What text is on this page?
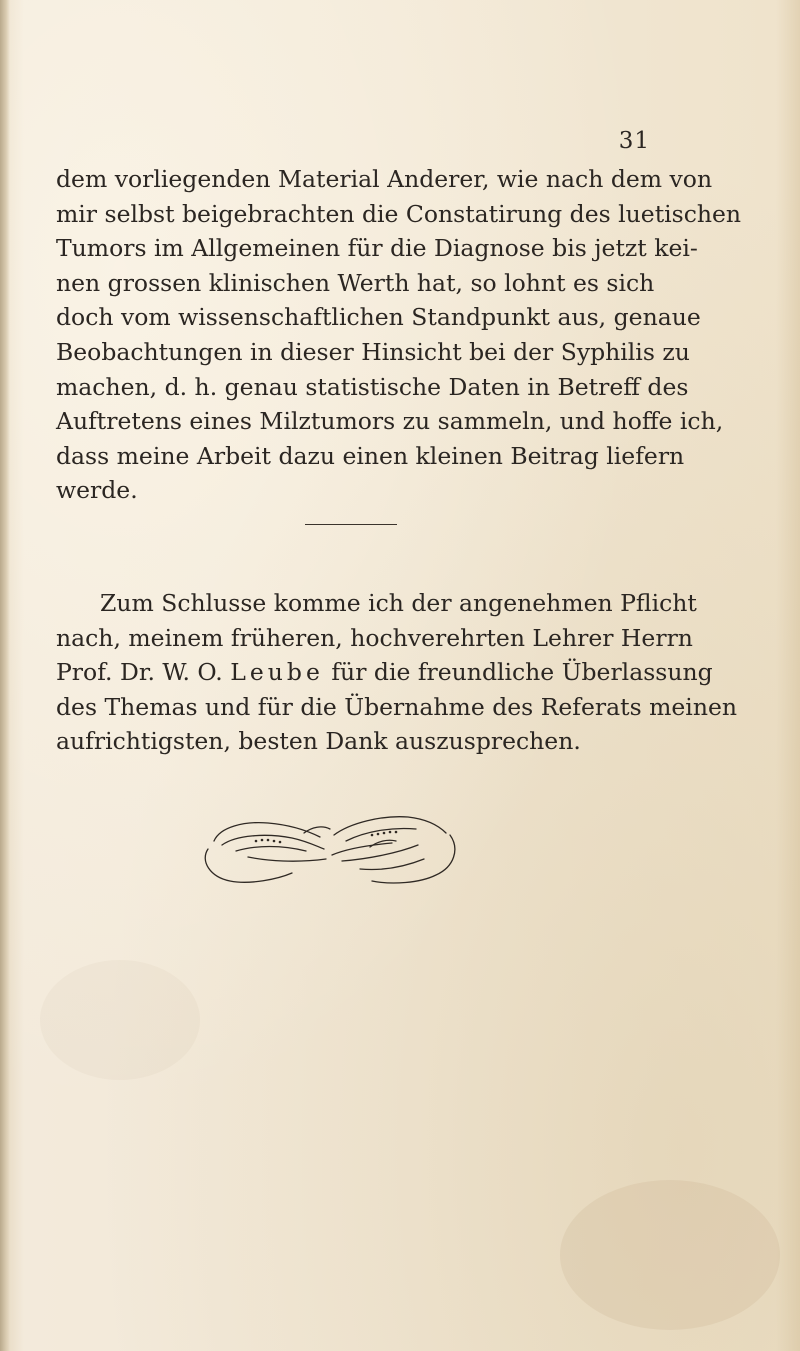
31

dem vorliegenden Material Anderer, wie nach dem von
mir selbst beigebrachten die Constatirung des luetischen
Tumors im Allgemeinen für die Diagnose bis jetzt kei-
nen grossen klinischen Werth hat, so lohnt es sich
doch vom wissenschaftlichen Standpunkt aus, genaue
Beobachtungen in dieser Hinsicht bei der Syphilis zu
machen, d. h. genau statistische Daten in Betreff des
Auftretens eines Milztumors zu sammeln, und hoffe ich,
dass meine Arbeit dazu einen kleinen Beitrag liefern
werde.

Zum Schlusse komme ich der angenehmen Pflicht
nach, meinem früheren, hochverehrten Lehrer Herrn
Prof. Dr. W. O. Leube für die freundliche Überlassung
des Themas und für die Übernahme des Referats meinen
aufrichtigsten, besten Dank auszusprechen.
